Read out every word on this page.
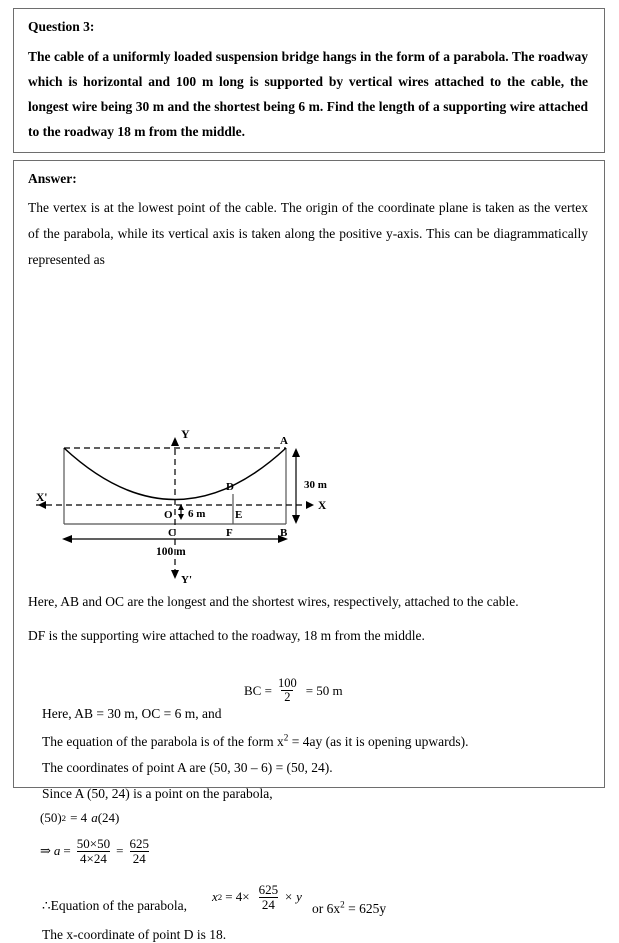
Question 3:
The cable of a uniformly loaded suspension bridge hangs in the form of a parabola. The roadway which is horizontal and 100 m long is supported by vertical wires attached to the cable, the longest wire being 30 m and the shortest being 6 m. Find the length of a supporting wire attached to the roadway 18 m from the middle.
Answer:
The vertex is at the lowest point of the cable. The origin of the coordinate plane is taken as the vertex of the parabola, while its vertical axis is taken along the positive y-axis. This can be diagrammatically represented as
Y
Y'
X
X'
A
B
C
D
E
F
O
30 m
6 m
100 m
Here, AB and OC are the longest and the shortest wires, respectively, attached to the cable.
DF is the supporting wire attached to the roadway, 18 m from the middle.
BC = $\frac{100}{2} = 50$ m
Here, AB = 30 m, OC = 6 m, and
The equation of the parabola is of the form $x^2 = 4ay$ (as it is opening upwards).
The coordinates of point A are (50, 30 – 6) = (50, 24).
Since A (50, 24) is a point on the parabola,
(50) 2 = 4 a (24)
⇒ $a = \frac{50\times 50}{4\times 24} = \frac{625}{24}$
∴Equation of the parabola,
x $2 = 4\times \frac{625}{24} \times y$
or $6x^2 = 625y$
The x-coordinate of point D is 18.
